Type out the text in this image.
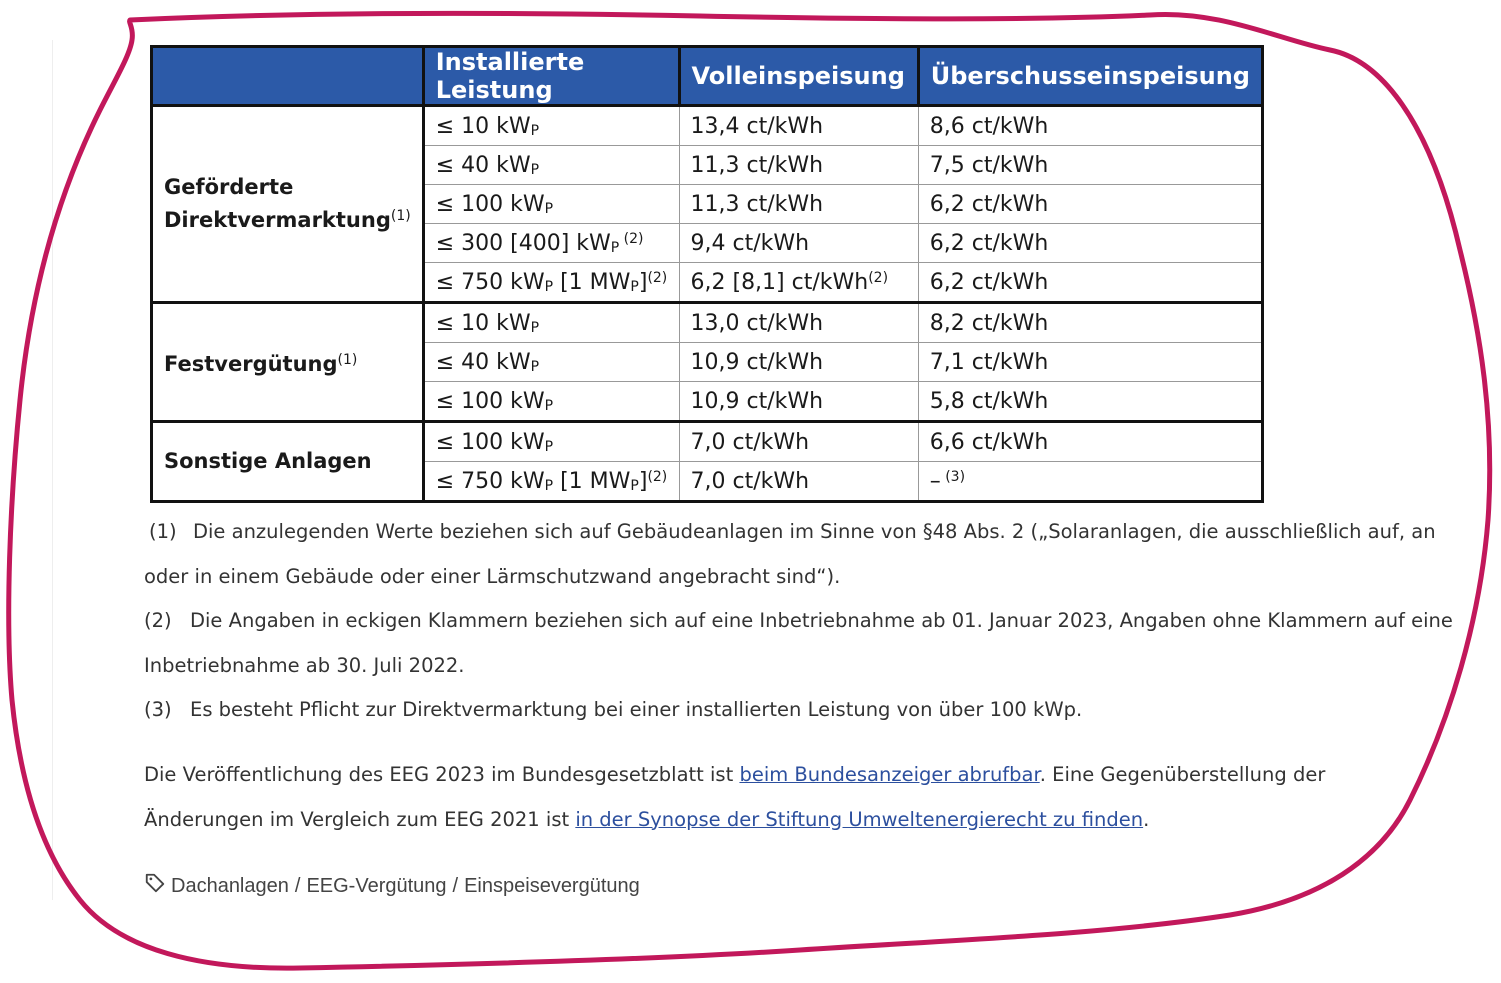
	Installierte Leistung	Volleinspeisung	Überschusseinspeisung
Geförderte
Direktvermarktung$^{(1)}$	≤ 10 kWP	13,4 ct/kWh	8,6 ct/kWh
	≤ 40 kWP	11,3 ct/kWh	7,5 ct/kWh
	≤ 100 kWP	11,3 ct/kWh	6,2 ct/kWh
	≤ 300 [400] kWP $^{(2)}$	9,4 ct/kWh	6,2 ct/kWh
	≤ 750 kWP [1 MWP]$^{(2)}$	6,2 [8,1] ct/kWh$^{(2)}$	6,2 ct/kWh
Festvergütung$^{(1)}$	≤ 10 kWP	13,0 ct/kWh	8,2 ct/kWh
	≤ 40 kWP	10,9 ct/kWh	7,1 ct/kWh
	≤ 100 kWP	10,9 ct/kWh	5,8 ct/kWh
Sonstige Anlagen	≤ 100 kWP	7,0 ct/kWh	6,6 ct/kWh
	≤ 750 kWP [1 MWP]$^{(2)}$	7,0 ct/kWh	– $^{(3)}$

(1) Die anzulegenden Werte beziehen sich auf Gebäudeanlagen im Sinne von §48 Abs. 2 („Solaranlagen, die ausschließlich auf, an oder in einem Gebäude oder einer Lärmschutzwand angebracht sind“).

(2) Die Angaben in eckigen Klammern beziehen sich auf eine Inbetriebnahme ab 01. Januar 2023, Angaben ohne Klammern auf eine Inbetriebnahme ab 30. Juli 2022.

(3) Es besteht Pflicht zur Direktvermarktung bei einer installierten Leistung von über 100 kWp.

Die Veröffentlichung des EEG 2023 im Bundesgesetzblatt ist beim Bundesanzeiger abrufbar. Eine Gegenüberstellung der Änderungen im Vergleich zum EEG 2021 ist in der Synopse der Stiftung Umweltenergierecht zu finden.
Dachanlagen / EEG-Vergütung / Einspeisevergütung
